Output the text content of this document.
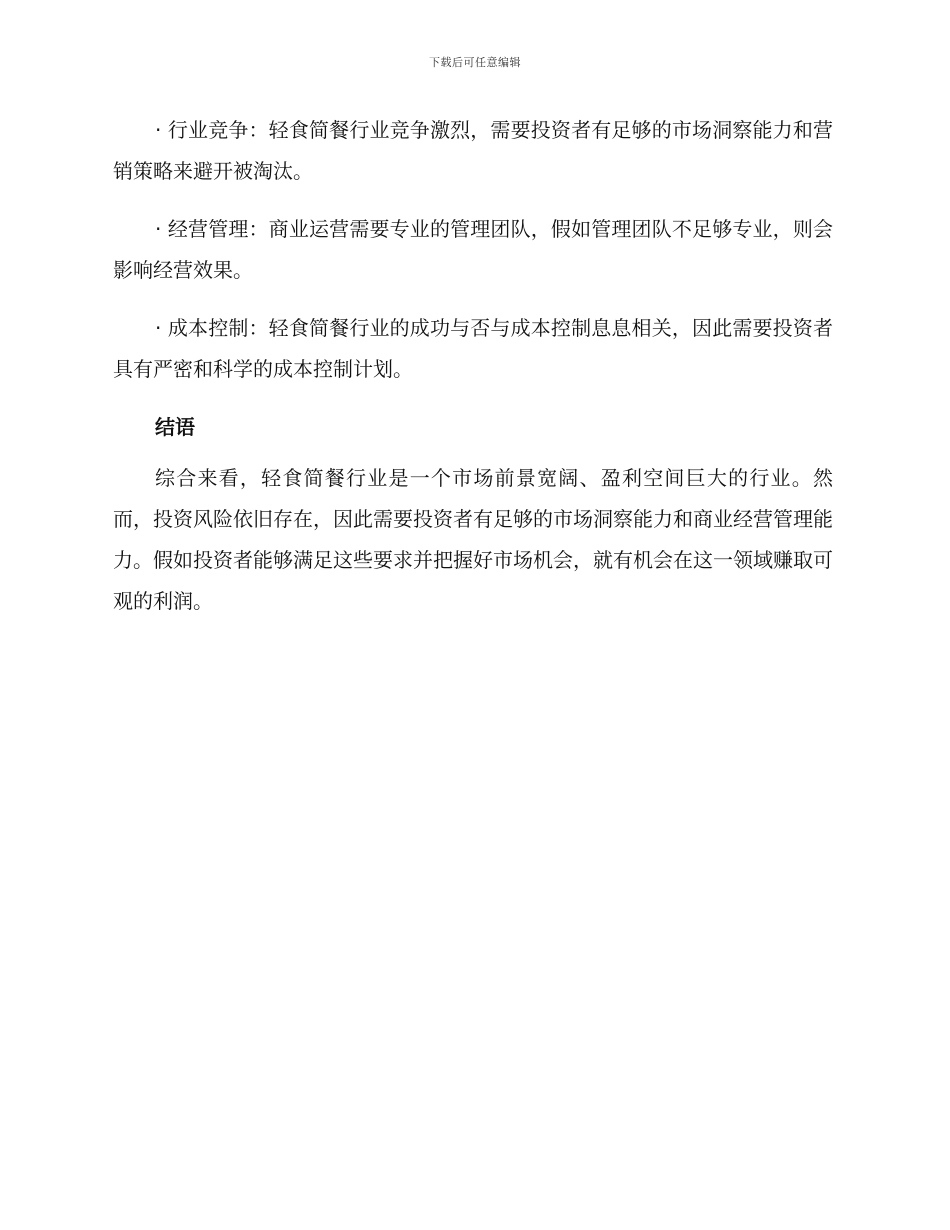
下载后可任意编辑

· 行业竞争：轻食简餐行业竞争激烈，需要投资者有足够的市场洞察能力和营销策略来避开被淘汰。

· 经营管理：商业运营需要专业的管理团队，假如管理团队不足够专业，则会影响经营效果。

· 成本控制：轻食简餐行业的成功与否与成本控制息息相关，因此需要投资者具有严密和科学的成本控制计划。

结语

综合来看，轻食简餐行业是一个市场前景宽阔、盈利空间巨大的行业。然而，投资风险依旧存在，因此需要投资者有足够的市场洞察能力和商业经营管理能力。假如投资者能够满足这些要求并把握好市场机会，就有机会在这一领域赚取可观的利润。
